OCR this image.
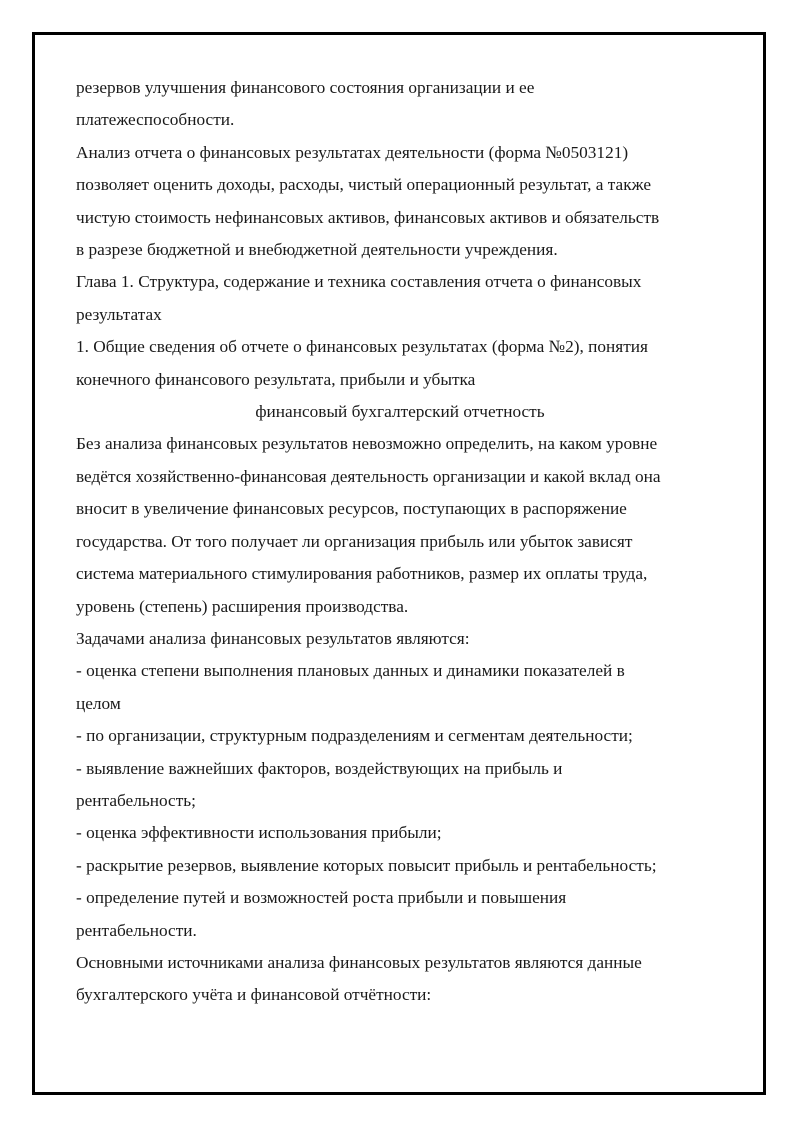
резервов улучшения финансового состояния организации и ее
платежеспособности.
Анализ отчета о финансовых результатах деятельности (форма №0503121)
позволяет оценить доходы, расходы, чистый операционный результат, а также
чистую стоимость нефинансовых активов, финансовых активов и обязательств
в разрезе бюджетной и внебюджетной деятельности учреждения.
Глава 1. Структура, содержание и техника составления отчета о финансовых
результатах
1. Общие сведения об отчете о финансовых результатах (форма №2), понятия
конечного финансового результата, прибыли и убытка
финансовый бухгалтерский отчетность
Без анализа финансовых результатов невозможно определить, на каком уровне
ведётся хозяйственно-финансовая деятельность организации и какой вклад она
вносит в увеличение финансовых ресурсов, поступающих в распоряжение
государства. От того получает ли организация прибыль или убыток зависят
система материального стимулирования работников, размер их оплаты труда,
уровень (степень) расширения производства.
Задачами анализа финансовых результатов являются:
- оценка степени выполнения плановых данных и динамики показателей в
целом
- по организации, структурным подразделениям и сегментам деятельности;
- выявление важнейших факторов, воздействующих на прибыль и
рентабельность;
- оценка эффективности использования прибыли;
- раскрытие резервов, выявление которых повысит прибыль и рентабельность;
- определение путей и возможностей роста прибыли и повышения
рентабельности.
Основными источниками анализа финансовых результатов являются данные
бухгалтерского учёта и финансовой отчётности:
